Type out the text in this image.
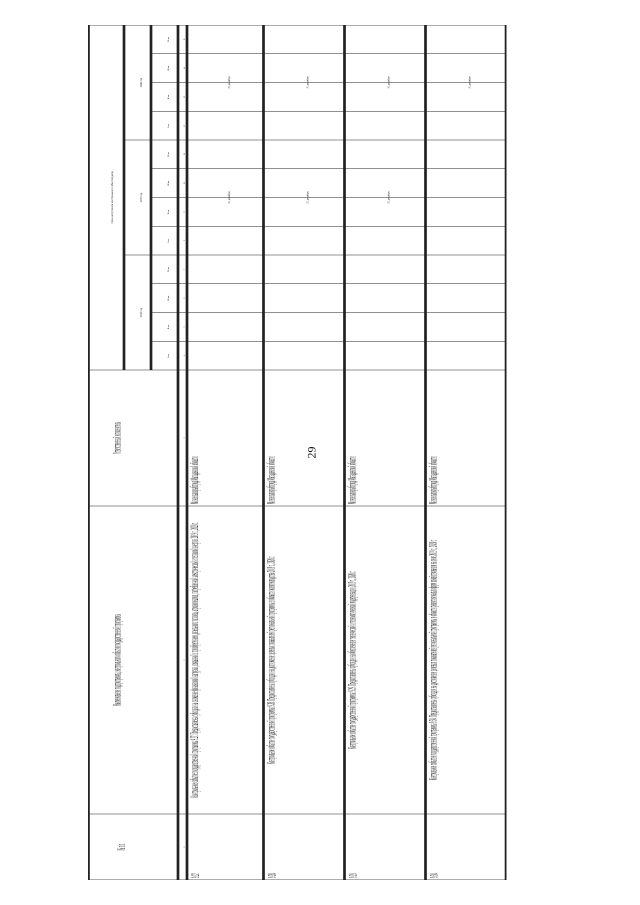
29
№ п/п
Наименование подпрограммы, контрольного события государственной программы
Ответственный исполнитель
Срок наступления контрольного события (дата)
2018 год
2019 год
2020 год
I кв.
II кв.
III кв.
IV кв.
I кв.
II кв.
III кв.
IV кв.
I кв.
II кв.
III кв.
IV кв.
1
2
3
4
5
6
7
8
9
10
11
12
13
14
15
9.27.
Контрольное событие государственной программы 9.27. Предоставлены субсидии на снижение финансовой нагрузки, связанной с приобретением дизельного топлива, агрохимикатов, потребленной электрической и тепловой энергии 2019 г., 2020 г.
Минсельхозрыбпрод Магаданской области
31 декабря
31 декабря
9.28.
Контрольное событие государственной программы 9.28. Предоставлены субсидии на достижение целевых показателей региональной программы в области животноводства 2019 г., 2020 г.
Минсельхозрыбпрод Магаданской области
31 декабря
31 декабря
9.29.
Контрольное событие государственной программы 9.29. Предоставлены субсидии на обеспечение технической и технологической модернизации 2019 г., 2020 г.
Минсельхозрыбпрод Магаданской области
31 декабря
31 декабря
9.30.
Контрольное событие государственной программы 9.30. Предоставлены субсидии на достижение целевых показателей региональной программы в области развития малых форм хозяйствования на селе 2019 г., 2020 г.
Минсельхозрыбпрод Магаданской области
31 декабря
